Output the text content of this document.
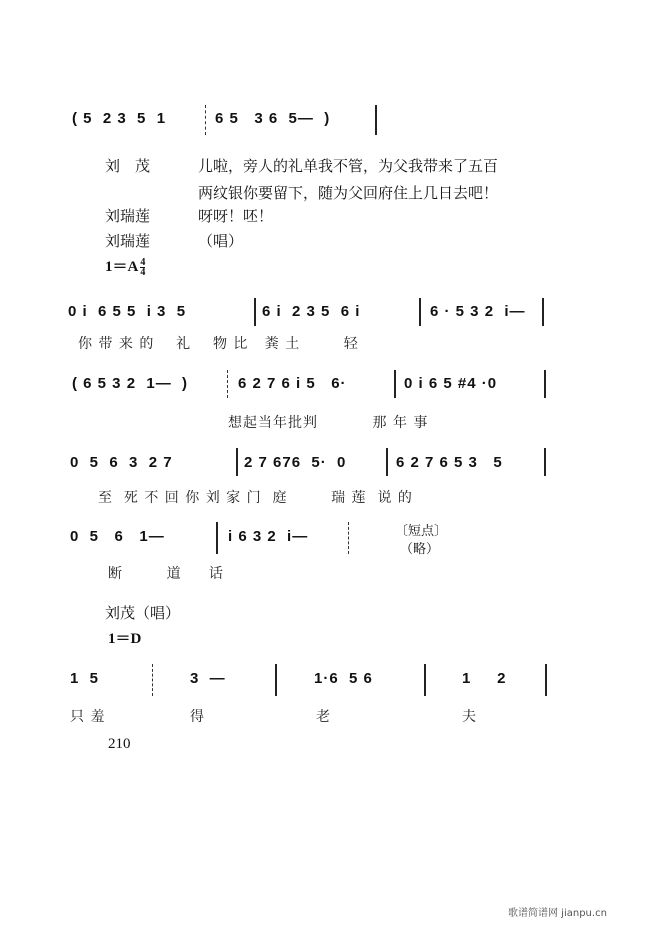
( 5  2 3  5  1	6 5   3 6  5—  )
刘　茂	儿啦，旁人的礼单我不管，为父我带来了五百
两纹银你要留下，随为父回府住上几日去吧！
刘瑞莲	呀呀！呸！
刘瑞莲	（唱）
$1=A \frac{4}{4}$
0 i  6 5 5  i 3  5	6 i  2 3 5  6 i	6 · 5 3 2  i—
你 带 来 的    礼    物 比   粪 土        轻
( 6 5 3 2  1—  )	6 2 7 6 i 5   6·	0 i 6 5 #4 ·0
想起当年批判          那 年 事
0  5  6  3  2 7	2 7 676  5·  0	6 2 7 6 5 3   5
至  死 不 回 你 刘 家 门  庭        瑞 莲  说 的
0  5   6   1—	i 6 3 2  i—	〔短点〕
（略）
断        道     话
刘茂（唱）
1＝D
1  5	3  —	1·6  5 6	1     2
只 羞	得	老	夫
210
歌谱简谱网 jianpu.cn
